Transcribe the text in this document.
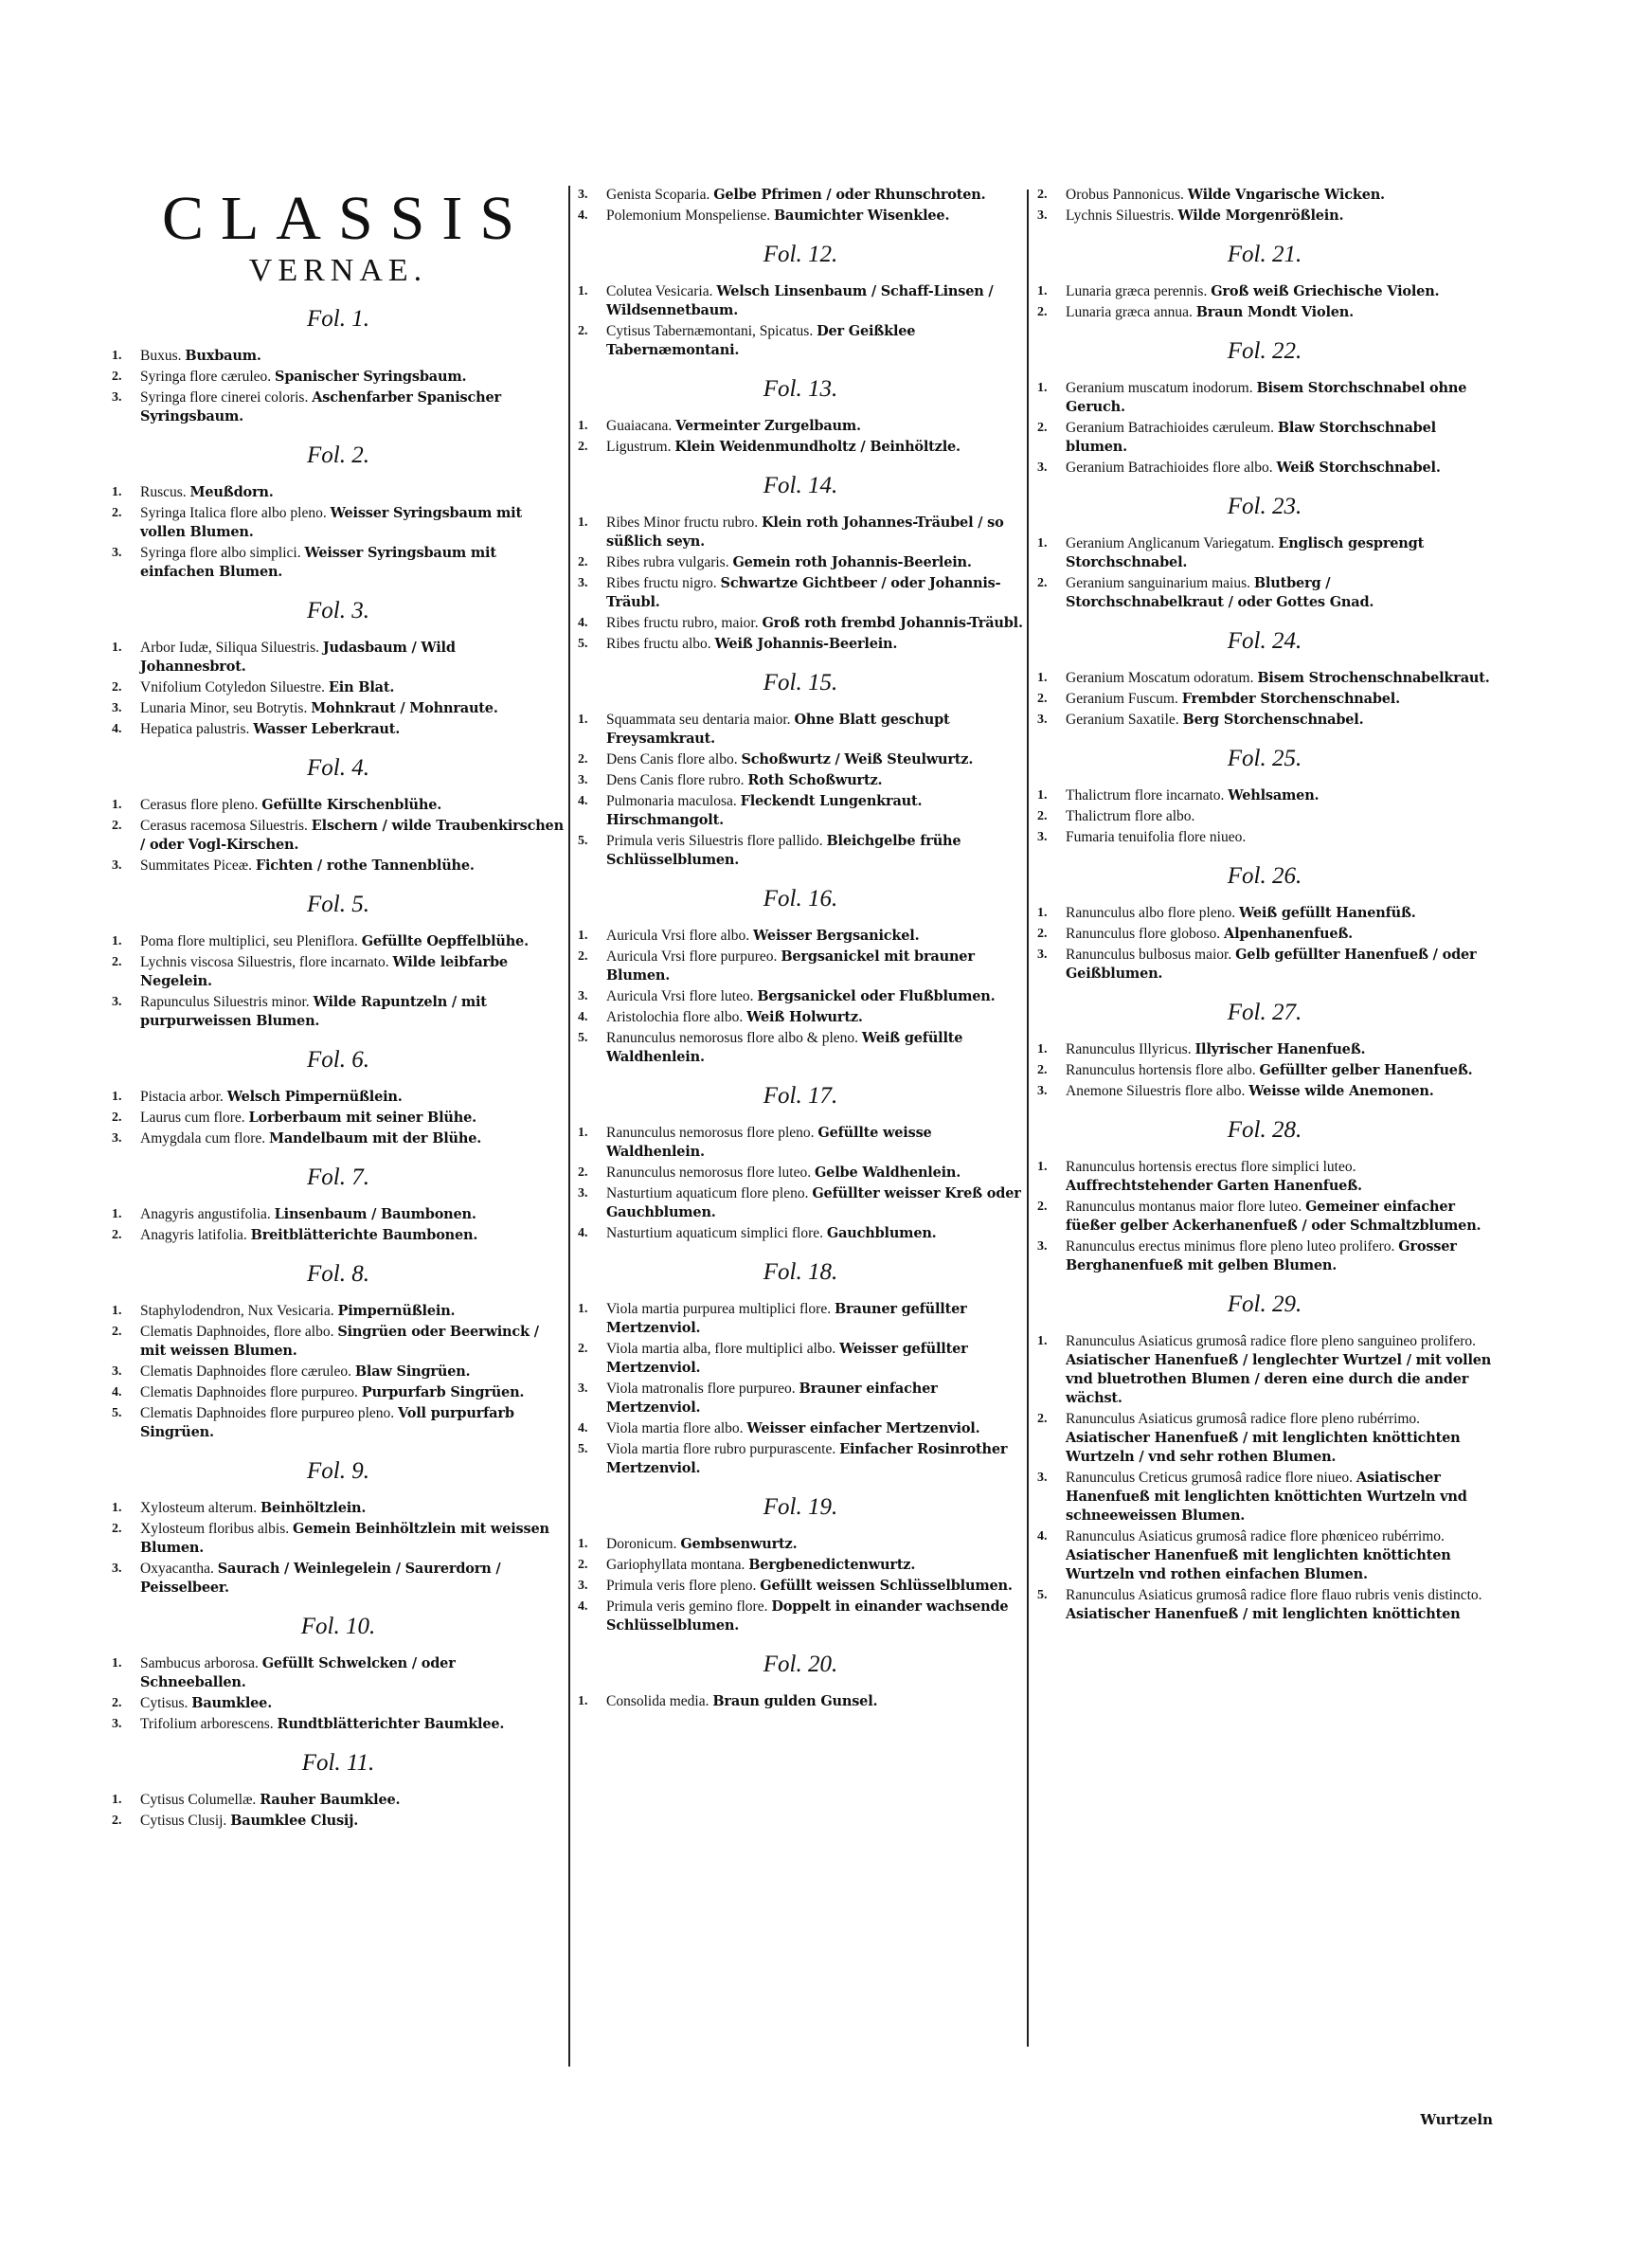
CLASSIS
VERNAE.
Fol. 1.
1.	Buxus. Buxbaum.
2.	Syringa flore cæruleo. Spanischer Syringsbaum.
3.	Syringa flore cinerei coloris. Aschenfarber Spanischer Syringsbaum.
Fol. 2.
1.	Ruscus. Meußdorn.
2.	Syringa Italica flore albo pleno. Weisser Syringsbaum mit vollen Blumen.
3.	Syringa flore albo simplici. Weisser Syringsbaum mit einfachen Blumen.
Fol. 3.
1.	Arbor Iudæ, Siliqua Siluestris. Judasbaum / Wild Johannesbrot.
2.	Vnifolium Cotyledon Siluestre. Ein Blat.
3.	Lunaria Minor, seu Botrytis. Mohnkraut / Mohnraute.
4.	Hepatica palustris. Wasser Leberkraut.
Fol. 4.
1.	Cerasus flore pleno. Gefüllte Kirschenblühe.
2.	Cerasus racemosa Siluestris. Elschern / wilde Traubenkirschen / oder Vogl-Kirschen.
3.	Summitates Piceæ. Fichten / rothe Tannenblühe.
Fol. 5.
1.	Poma flore multiplici, seu Pleniflora. Gefüllte Oepffelblühe.
2.	Lychnis viscosa Siluestris, flore incarnato. Wilde leibfarbe Negelein.
3.	Rapunculus Siluestris minor. Wilde Rapuntzeln / mit purpurweissen Blumen.
Fol. 6.
1.	Pistacia arbor. Welsch Pimpernüßlein.
2.	Laurus cum flore. Lorberbaum mit seiner Blühe.
3.	Amygdala cum flore. Mandelbaum mit der Blühe.
Fol. 7.
1.	Anagyris angustifolia. Linsenbaum / Baumbonen.
2.	Anagyris latifolia. Breitblätterichte Baumbonen.
Fol. 8.
1.	Staphylodendron, Nux Vesicaria. Pimpernüßlein.
2.	Clematis Daphnoides, flore albo. Singrüen oder Beerwinck / mit weissen Blumen.
3.	Clematis Daphnoides flore cæruleo. Blaw Singrüen.
4.	Clematis Daphnoides flore purpureo. Purpurfarb Singrüen.
5.	Clematis Daphnoides flore purpureo pleno. Voll purpurfarb Singrüen.
Fol. 9.
1.	Xylosteum alterum. Beinhöltzlein.
2.	Xylosteum floribus albis. Gemein Beinhöltzlein mit weissen Blumen.
3.	Oxyacantha. Saurach / Weinlegelein / Saurerdorn / Peisselbeer.
Fol. 10.
1.	Sambucus arborosa. Gefüllt Schwelcken / oder Schneeballen.
2.	Cytisus. Baumklee.
3.	Trifolium arborescens. Rundtblätterichter Baumklee.
Fol. 11.
1.	Cytisus Columellæ. Rauher Baumklee.
2.	Cytisus Clusij. Baumklee Clusij.
3.	Genista Scoparia. Gelbe Pfrimen / oder Rhunschroten.
4.	Polemonium Monspeliense. Baumichter Wisenklee.
Fol. 12.
1.	Colutea Vesicaria. Welsch Linsenbaum / Schaff-Linsen / Wildsennetbaum.
2.	Cytisus Tabernæmontani, Spicatus. Der Geißklee Tabernæmontani.
Fol. 13.
1.	Guaiacana. Vermeinter Zurgelbaum.
2.	Ligustrum. Klein Weidenmundholtz / Beinhöltzle.
Fol. 14.
1.	Ribes Minor fructu rubro. Klein roth Johannes-Träubel / so süßlich seyn.
2.	Ribes rubra vulgaris. Gemein roth Johannis-Beerlein.
3.	Ribes fructu nigro. Schwartze Gichtbeer / oder Johannis-Träubl.
4.	Ribes fructu rubro, maior. Groß roth frembd Johannis-Träubl.
5.	Ribes fructu albo. Weiß Johannis-Beerlein.
Fol. 15.
1.	Squammata seu dentaria maior. Ohne Blatt geschupt Freysamkraut.
2.	Dens Canis flore albo. Schoßwurtz / Weiß Steulwurtz.
3.	Dens Canis flore rubro. Roth Schoßwurtz.
4.	Pulmonaria maculosa. Fleckendt Lungenkraut. Hirschmangolt.
5.	Primula veris Siluestris flore pallido. Bleichgelbe frühe Schlüsselblumen.
Fol. 16.
1.	Auricula Vrsi flore albo. Weisser Bergsanickel.
2.	Auricula Vrsi flore purpureo. Bergsanickel mit brauner Blumen.
3.	Auricula Vrsi flore luteo. Bergsanickel oder Flußblumen.
4.	Aristolochia flore albo. Weiß Holwurtz.
5.	Ranunculus nemorosus flore albo & pleno. Weiß gefüllte Waldhenlein.
Fol. 17.
1.	Ranunculus nemorosus flore pleno. Gefüllte weisse Waldhenlein.
2.	Ranunculus nemorosus flore luteo. Gelbe Waldhenlein.
3.	Nasturtium aquaticum flore pleno. Gefüllter weisser Kreß oder Gauchblumen.
4.	Nasturtium aquaticum simplici flore. Gauchblumen.
Fol. 18.
1.	Viola martia purpurea multiplici flore. Brauner gefüllter Mertzenviol.
2.	Viola martia alba, flore multiplici albo. Weisser gefüllter Mertzenviol.
3.	Viola matronalis flore purpureo. Brauner einfacher Mertzenviol.
4.	Viola martia flore albo. Weisser einfacher Mertzenviol.
5.	Viola martia flore rubro purpurascente. Einfacher Rosinrother Mertzenviol.
Fol. 19.
1.	Doronicum. Gembsenwurtz.
2.	Gariophyllata montana. Bergbenedictenwurtz.
3.	Primula veris flore pleno. Gefüllt weissen Schlüsselblumen.
4.	Primula veris gemino flore. Doppelt in einander wachsende Schlüsselblumen.
Fol. 20.
1.	Consolida media. Braun gulden Gunsel.
2.	Orobus Pannonicus. Wilde Vngarische Wicken.
3.	Lychnis Siluestris. Wilde Morgenrößlein.
Fol. 21.
1.	Lunaria græca perennis. Groß weiß Griechische Violen.
2.	Lunaria græca annua. Braun Mondt Violen.
Fol. 22.
1.	Geranium muscatum inodorum. Bisem Storchschnabel ohne Geruch.
2.	Geranium Batrachioides cæruleum. Blaw Storchschnabel blumen.
3.	Geranium Batrachioides flore albo. Weiß Storchschnabel.
Fol. 23.
1.	Geranium Anglicanum Variegatum. Englisch gesprengt Storchschnabel.
2.	Geranium sanguinarium maius. Blutberg / Storchschnabelkraut / oder Gottes Gnad.
Fol. 24.
1.	Geranium Moscatum odoratum. Bisem Strochenschnabelkraut.
2.	Geranium Fuscum. Frembder Storchenschnabel.
3.	Geranium Saxatile. Berg Storchenschnabel.
Fol. 25.
1.	Thalictrum flore incarnato. Wehlsamen.
2.	Thalictrum flore albo.
3.	Fumaria tenuifolia flore niueo.
Fol. 26.
1.	Ranunculus albo flore pleno. Weiß gefüllt Hanenfüß.
2.	Ranunculus flore globoso. Alpenhanenfueß.
3.	Ranunculus bulbosus maior. Gelb gefüllter Hanenfueß / oder Geißblumen.
Fol. 27.
1.	Ranunculus Illyricus. Illyrischer Hanenfueß.
2.	Ranunculus hortensis flore albo. Gefüllter gelber Hanenfueß.
3.	Anemone Siluestris flore albo. Weisse wilde Anemonen.
Fol. 28.
1.	Ranunculus hortensis erectus flore simplici luteo. Auffrechtstehender Garten Hanenfueß.
2.	Ranunculus montanus maior flore luteo. Gemeiner einfacher füeßer gelber Ackerhanenfueß / oder Schmaltzblumen.
3.	Ranunculus erectus minimus flore pleno luteo prolifero. Grosser Berghanenfueß mit gelben Blumen.
Fol. 29.
1.	Ranunculus Asiaticus grumosâ radice flore pleno sanguineo prolifero. Asiatischer Hanenfueß / lenglechter Wurtzel / mit vollen vnd bluetrothen Blumen / deren eine durch die ander wächst.
2.	Ranunculus Asiaticus grumosâ radice flore pleno rubérrimo. Asiatischer Hanenfueß / mit lenglichten knöttichten Wurtzeln / vnd sehr rothen Blumen.
3.	Ranunculus Creticus grumosâ radice flore niueo. Asiatischer Hanenfueß mit lenglichten knöttichten Wurtzeln vnd schneeweissen Blumen.
4.	Ranunculus Asiaticus grumosâ radice flore phœniceo rubérrimo. Asiatischer Hanenfueß mit lenglichten knöttichten Wurtzeln vnd rothen einfachen Blumen.
5.	Ranunculus Asiaticus grumosâ radice flore flauo rubris venis distincto. Asiatischer Hanenfueß / mit lenglichten knöttichten
Wurtzeln
